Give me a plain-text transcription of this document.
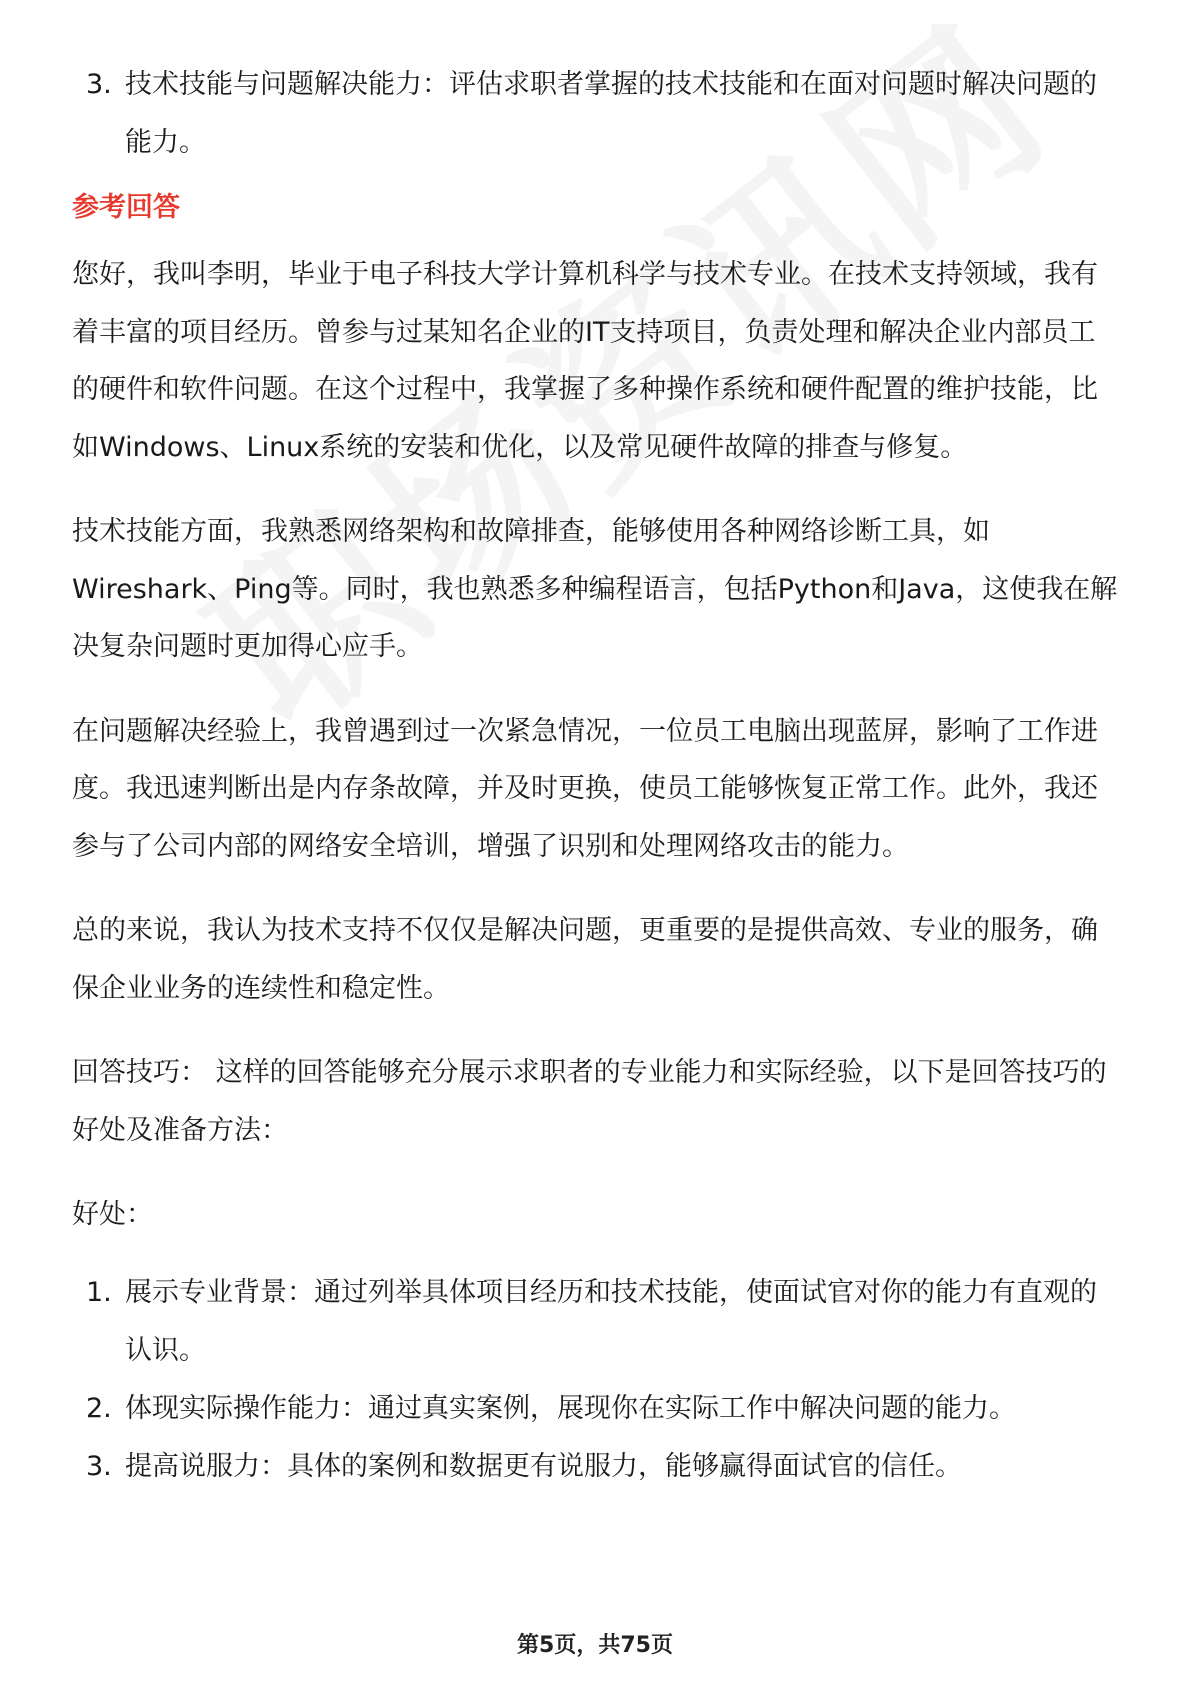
3. 技术技能与问题解决能力：评估求职者掌握的技术技能和在面对问题时解决问题的能力。
参考回答

您好，我叫李明，毕业于电子科技大学计算机科学与技术专业。在技术支持领域，我有着丰富的项目经历。曾参与过某知名企业的IT支持项目，负责处理和解决企业内部员工的硬件和软件问题。在这个过程中，我掌握了多种操作系统和硬件配置的维护技能，比如Windows、Linux系统的安装和优化，以及常见硬件故障的排查与修复。

技术技能方面，我熟悉网络架构和故障排查，能够使用各种网络诊断工具，如Wireshark、Ping等。同时，我也熟悉多种编程语言，包括Python和Java，这使我在解决复杂问题时更加得心应手。

在问题解决经验上，我曾遇到过一次紧急情况，一位员工电脑出现蓝屏，影响了工作进度。我迅速判断出是内存条故障，并及时更换，使员工能够恢复正常工作。此外，我还参与了公司内部的网络安全培训，增强了识别和处理网络攻击的能力。

总的来说，我认为技术支持不仅仅是解决问题，更重要的是提供高效、专业的服务，确保企业业务的连续性和稳定性。

回答技巧： 这样的回答能够充分展示求职者的专业能力和实际经验，以下是回答技巧的好处及准备方法：

好处：

1. 展示专业背景：通过列举具体项目经历和技术技能，使面试官对你的能力有直观的认识。
2. 体现实际操作能力：通过真实案例，展现你在实际工作中解决问题的能力。
3. 提高说服力：具体的案例和数据更有说服力，能够赢得面试官的信任。
第5页，共75页
